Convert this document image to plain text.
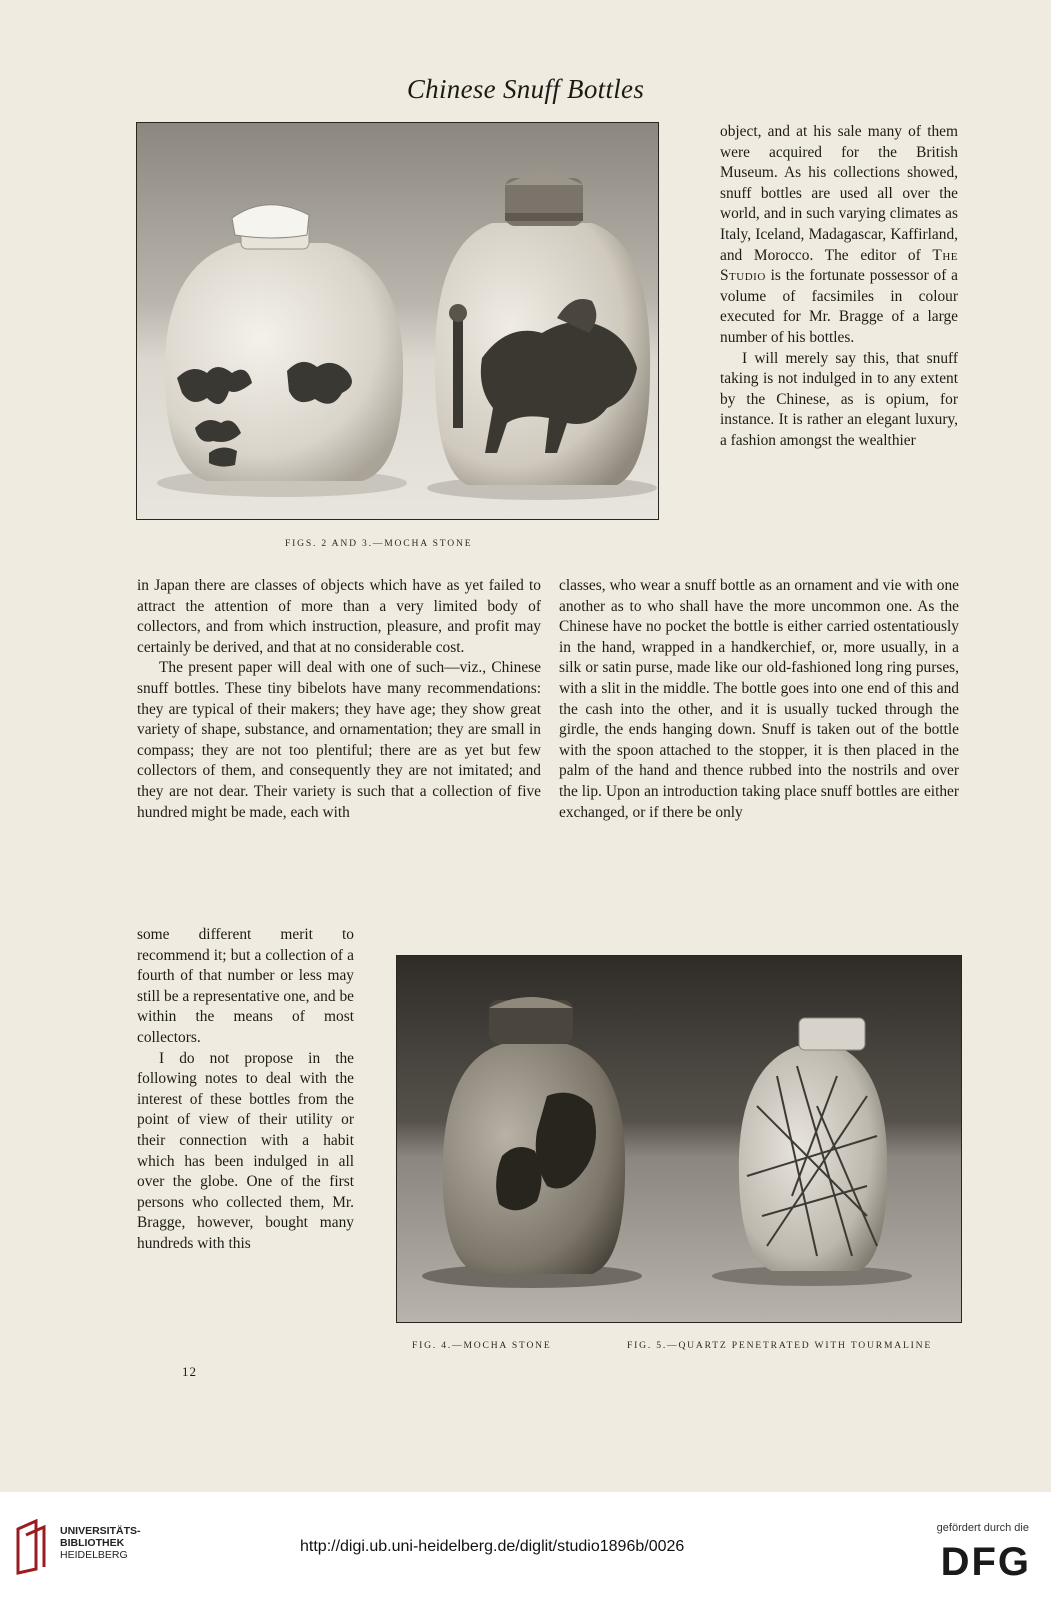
Chinese Snuff Bottles
FIGS. 2 AND 3.—MOCHA STONE

object, and at his sale many of them were acquired for the British Museum. As his collections showed, snuff bottles are used all over the world, and in such varying climates as Italy, Iceland, Madagascar, Kaffirland, and Morocco. The editor of The Studio is the fortunate possessor of a volume of facsimiles in colour executed for Mr. Bragge of a large number of his bottles.

I will merely say this, that snuff taking is not indulged in to any extent by the Chinese, as is opium, for instance. It is rather an elegant luxury, a fashion amongst the wealthier

in Japan there are classes of objects which have as yet failed to attract the attention of more than a very limited body of collectors, and from which instruction, pleasure, and profit may certainly be derived, and that at no considerable cost.

The present paper will deal with one of such—viz., Chinese snuff bottles. These tiny bibelots have many recommendations: they are typical of their makers; they have age; they show great variety of shape, substance, and ornamentation; they are small in compass; they are not too plentiful; there are as yet but few collectors of them, and consequently they are not imitated; and they are not dear. Their variety is such that a collection of five hundred might be made, each with

classes, who wear a snuff bottle as an ornament and vie with one another as to who shall have the more uncommon one. As the Chinese have no pocket the bottle is either carried ostentatiously in the hand, wrapped in a handkerchief, or, more usually, in a silk or satin purse, made like our old-fashioned long ring purses, with a slit in the middle. The bottle goes into one end of this and the cash into the other, and it is usually tucked through the girdle, the ends hanging down. Snuff is taken out of the bottle with the spoon attached to the stopper, it is then placed in the palm of the hand and thence rubbed into the nostrils and over the lip. Upon an introduction taking place snuff bottles are either exchanged, or if there be only

some different merit to recommend it; but a collection of a fourth of that number or less may still be a representative one, and be within the means of most collectors.

I do not propose in the following notes to deal with the interest of these bottles from the point of view of their utility or their connection with a habit which has been indulged in all over the globe. One of the first persons who collected them, Mr. Bragge, however, bought many hundreds with this

FIG. 4.—MOCHA STONE	FIG. 5.—QUARTZ PENETRATED WITH TOURMALINE
12
UNIVERSITÄTS-
BIBLIOTHEK
HEIDELBERG	http://digi.ub.uni-heidelberg.de/diglit/studio1896b/0026
gefördert durch die
DFG
